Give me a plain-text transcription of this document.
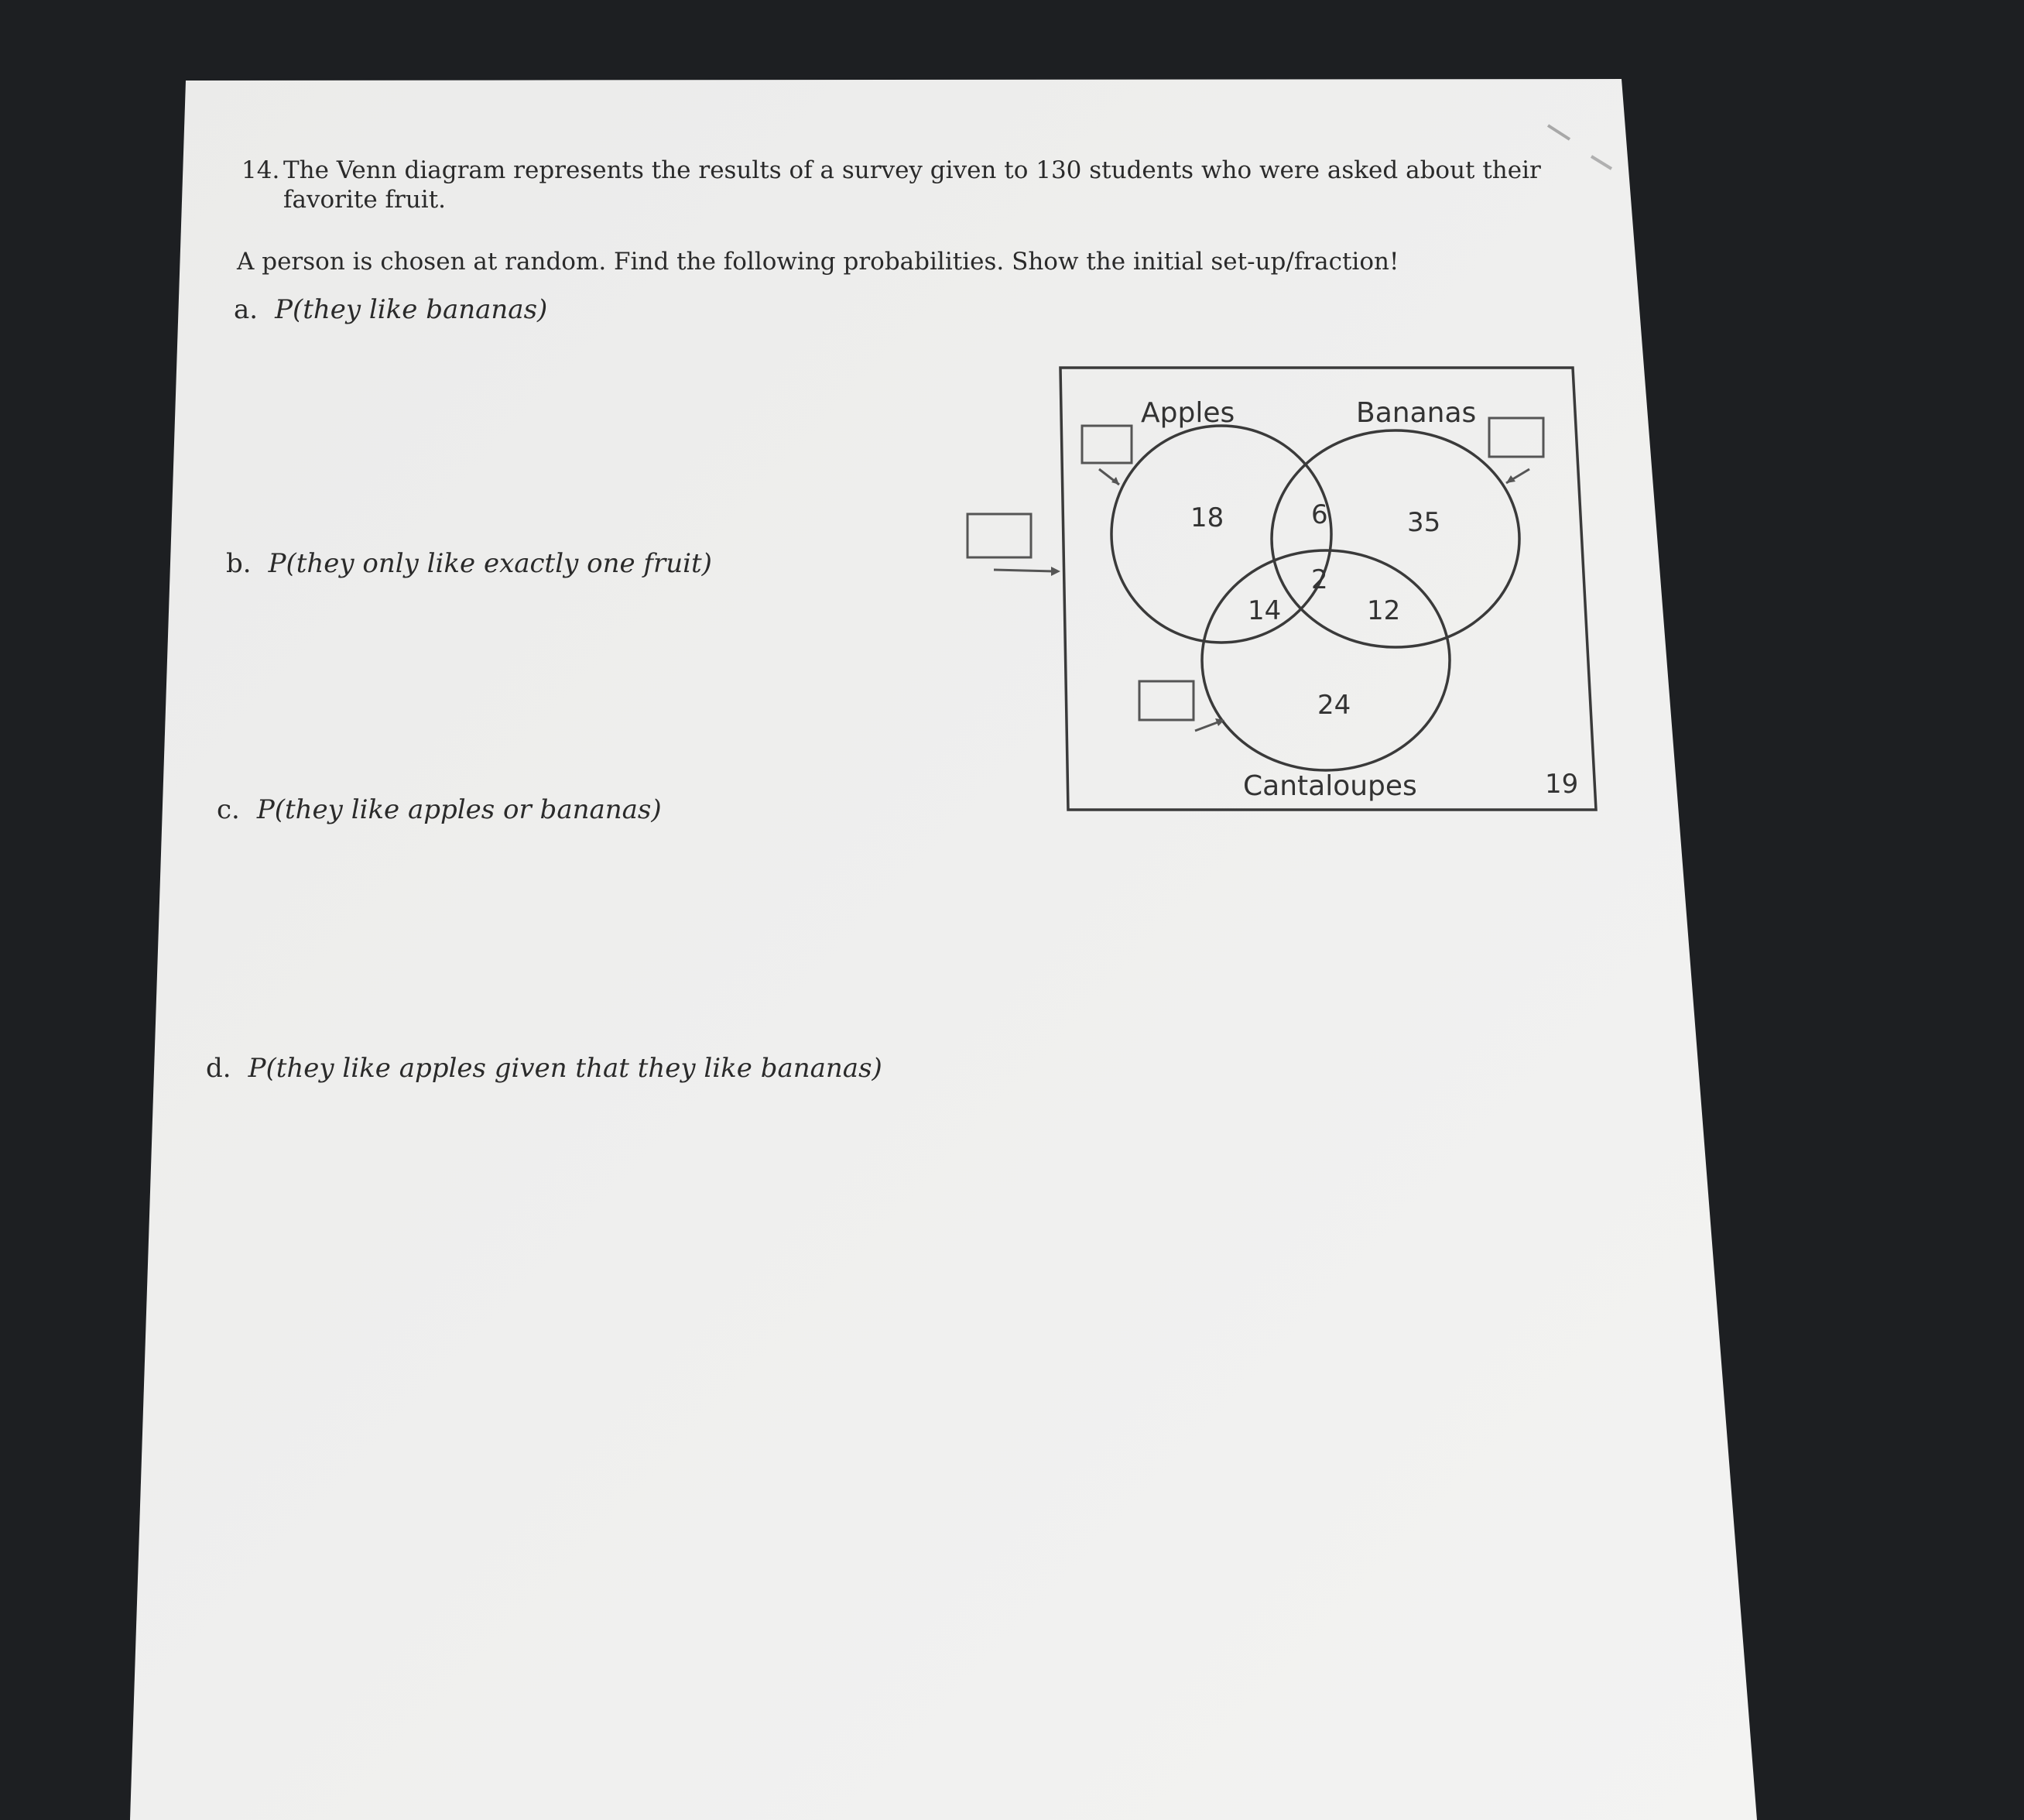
14. The Venn diagram represents the results of a survey given to 130 students who were asked about their

favorite fruit.

A person is chosen at random. Find the following probabilities. Show the initial set-up/fraction!

a. P(they like bananas)

b. P(they only like exactly one fruit)

c. P(they like apples or bananas)

d. P(they like apples given that they like bananas)

Apples	Bananas
Cantaloupes
18	6	35
2
14	12
24
19
